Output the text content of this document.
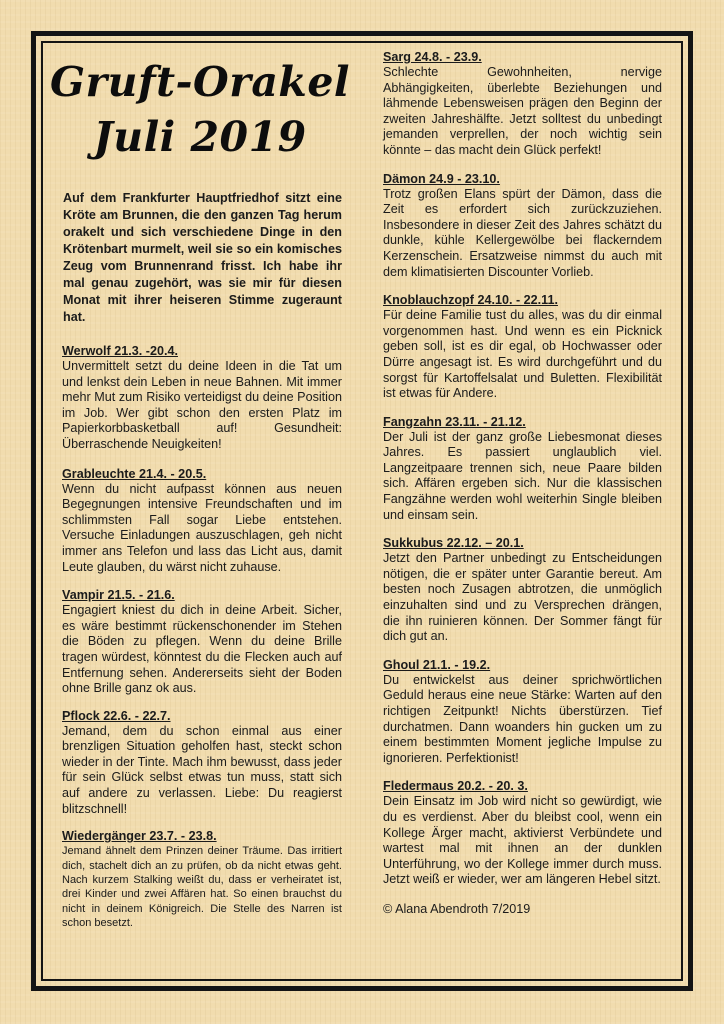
Gruft-Orakel
Juli 2019

Auf dem Frankfurter Hauptfriedhof sitzt eine Kröte am Brunnen, die den ganzen Tag herum orakelt und sich verschiedene Dinge in den Krötenbart murmelt, weil sie so ein komisches Zeug vom Brunnenrand frisst. Ich habe ihr mal genau zugehört, was sie mir für diesen Monat mit ihrer heiseren Stimme zugeraunt hat.

Werwolf 21.3. -20.4.

Unvermittelt setzt du deine Ideen in die Tat um und lenkst dein Leben in neue Bahnen. Mit immer mehr Mut zum Risiko verteidigst du deine Position im Job. Wer gibt schon den ersten Platz im Papierkorbbasketball auf! Gesundheit: Überraschende Neuigkeiten!

Grableuchte 21.4. - 20.5.

Wenn du nicht aufpasst können aus neuen Begegnungen intensive Freundschaften und im schlimmsten Fall sogar Liebe entstehen. Versuche Einladungen auszuschlagen, geh nicht immer ans Telefon und lass das Licht aus, damit Leute glauben, du wärst nicht zuhause.

Vampir 21.5. - 21.6.

Engagiert kniest du dich in deine Arbeit. Sicher, es wäre bestimmt rückenschonender im Stehen die Böden zu pflegen. Wenn du deine Brille tragen würdest, könntest du die Flecken auch auf Entfernung sehen. Andererseits sieht der Boden ohne Brille ganz ok aus.

Pflock 22.6. - 22.7.

Jemand, dem du schon einmal aus einer brenzligen Situation geholfen hast, steckt schon wieder in der Tinte. Mach ihm bewusst, dass jeder für sein Glück selbst etwas tun muss, statt sich auf andere zu verlassen. Liebe: Du reagierst blitzschnell!

Wiedergänger 23.7. - 23.8.

Jemand ähnelt dem Prinzen deiner Träume. Das irritiert dich, stachelt dich an zu prüfen, ob da nicht etwas geht. Nach kurzem Stalking weißt du, dass er verheiratet ist, drei Kinder und zwei Affären hat. So einen brauchst du nicht in deinem Königreich. Die Stelle des Narren ist schon besetzt.

Sarg 24.8. - 23.9.

Schlechte Gewohnheiten, nervige Abhängigkeiten, überlebte Beziehungen und lähmende Lebensweisen prägen den Beginn der zweiten Jahreshälfte. Jetzt solltest du unbedingt jemanden verprellen, der noch wichtig sein könnte – das macht dein Glück perfekt!

Dämon 24.9 - 23.10.

Trotz großen Elans spürt der Dämon, dass die Zeit es erfordert sich zurückzuziehen. Insbesondere in dieser Zeit des Jahres schätzt du dunkle, kühle Kellergewölbe bei flackerndem Kerzenschein. Ersatzweise nimmst du auch mit dem klimatisierten Discounter Vorlieb.

Knoblauchzopf 24.10. - 22.11.

Für deine Familie tust du alles, was du dir einmal vorgenommen hast. Und wenn es ein Picknick geben soll, ist es dir egal, ob Hochwasser oder Dürre angesagt ist. Es wird durchgeführt und du sorgst für Kartoffelsalat und Buletten. Flexibilität ist etwas für Andere.

Fangzahn 23.11. - 21.12.

Der Juli ist der ganz große Liebesmonat dieses Jahres. Es passiert unglaublich viel. Langzeitpaare trennen sich, neue Paare bilden sich. Affären ergeben sich. Nur die klassischen Fangzähne werden wohl weiterhin Single bleiben und einsam sein.

Sukkubus 22.12. – 20.1.

Jetzt den Partner unbedingt zu Entscheidungen nötigen, die er später unter Garantie bereut. Am besten noch Zusagen abtrotzen, die unmöglich einzuhalten sind und zu Versprechen drängen, die ihn ruinieren können. Der Sommer fängt für dich gut an.

Ghoul 21.1. - 19.2.

Du entwickelst aus deiner sprichwörtlichen Geduld heraus eine neue Stärke: Warten auf den richtigen Zeitpunkt! Nichts überstürzen. Tief durchatmen. Dann woanders hin gucken um zu einem bestimmten Moment jegliche Impulse zu ignorieren. Perfektionist!

Fledermaus 20.2. - 20. 3.

Dein Einsatz im Job wird nicht so gewürdigt, wie du es verdienst. Aber du bleibst cool, wenn ein Kollege Ärger macht, aktivierst Verbündete und wartest mal mit ihnen an der dunklen Unterführung, wo der Kollege immer durch muss. Jetzt weiß er wieder, wer am längeren Hebel sitzt.

© Alana Abendroth 7/2019
